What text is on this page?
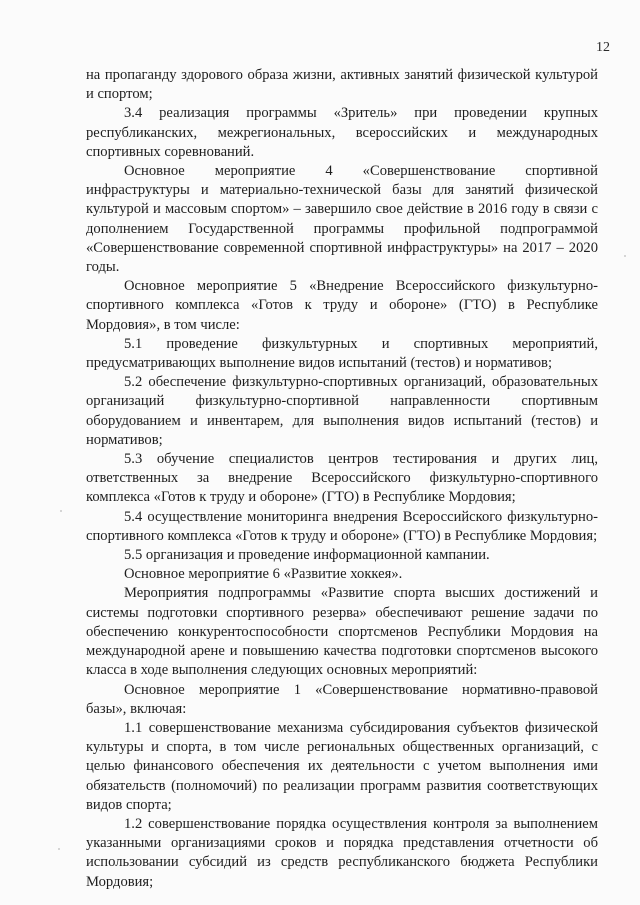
12

на пропаганду здорового образа жизни, активных занятий физической культурой и спортом;

3.4 реализация программы «Зритель» при проведении крупных республиканских, межрегиональных, всероссийских и международных спортивных соревнований.

Основное мероприятие 4 «Совершенствование спортивной инфраструктуры и материально-технической базы для занятий физической культурой и массовым спортом» – завершило свое действие в 2016 году в связи с дополнением Государственной программы профильной подпрограммой «Совершенствование современной спортивной инфраструктуры» на 2017 – 2020 годы.

Основное мероприятие 5 «Внедрение Всероссийского физкультурно-спортивного комплекса «Готов к труду и обороне» (ГТО) в Республике Мордовия», в том числе:

5.1 проведение физкультурных и спортивных мероприятий, предусматривающих выполнение видов испытаний (тестов) и нормативов;

5.2 обеспечение физкультурно-спортивных организаций, образовательных организаций физкультурно-спортивной направленности спортивным оборудованием и инвентарем, для выполнения видов испытаний (тестов) и нормативов;

5.3 обучение специалистов центров тестирования и других лиц, ответственных за внедрение Всероссийского физкультурно-спортивного комплекса «Готов к труду и обороне» (ГТО) в Республике Мордовия;

5.4 осуществление мониторинга внедрения Всероссийского физкультурно-спортивного комплекса «Готов к труду и обороне» (ГТО) в Республике Мордовия;

5.5 организация и проведение информационной кампании.

Основное мероприятие 6 «Развитие хоккея».

Мероприятия подпрограммы «Развитие спорта высших достижений и системы подготовки спортивного резерва» обеспечивают решение задачи по обеспечению конкурентоспособности спортсменов Республики Мордовия на международной арене и повышению качества подготовки спортсменов высокого класса в ходе выполнения следующих основных мероприятий:

Основное мероприятие 1 «Совершенствование нормативно-правовой базы», включая:

1.1 совершенствование механизма субсидирования субъектов физической культуры и спорта, в том числе региональных общественных организаций, с целью финансового обеспечения их деятельности с учетом выполнения ими обязательств (полномочий) по реализации программ развития соответствующих видов спорта;

1.2 совершенствование порядка осуществления контроля за выполнением указанными организациями сроков и порядка представления отчетности об использовании субсидий из средств республиканского бюджета Республики Мордовия;
